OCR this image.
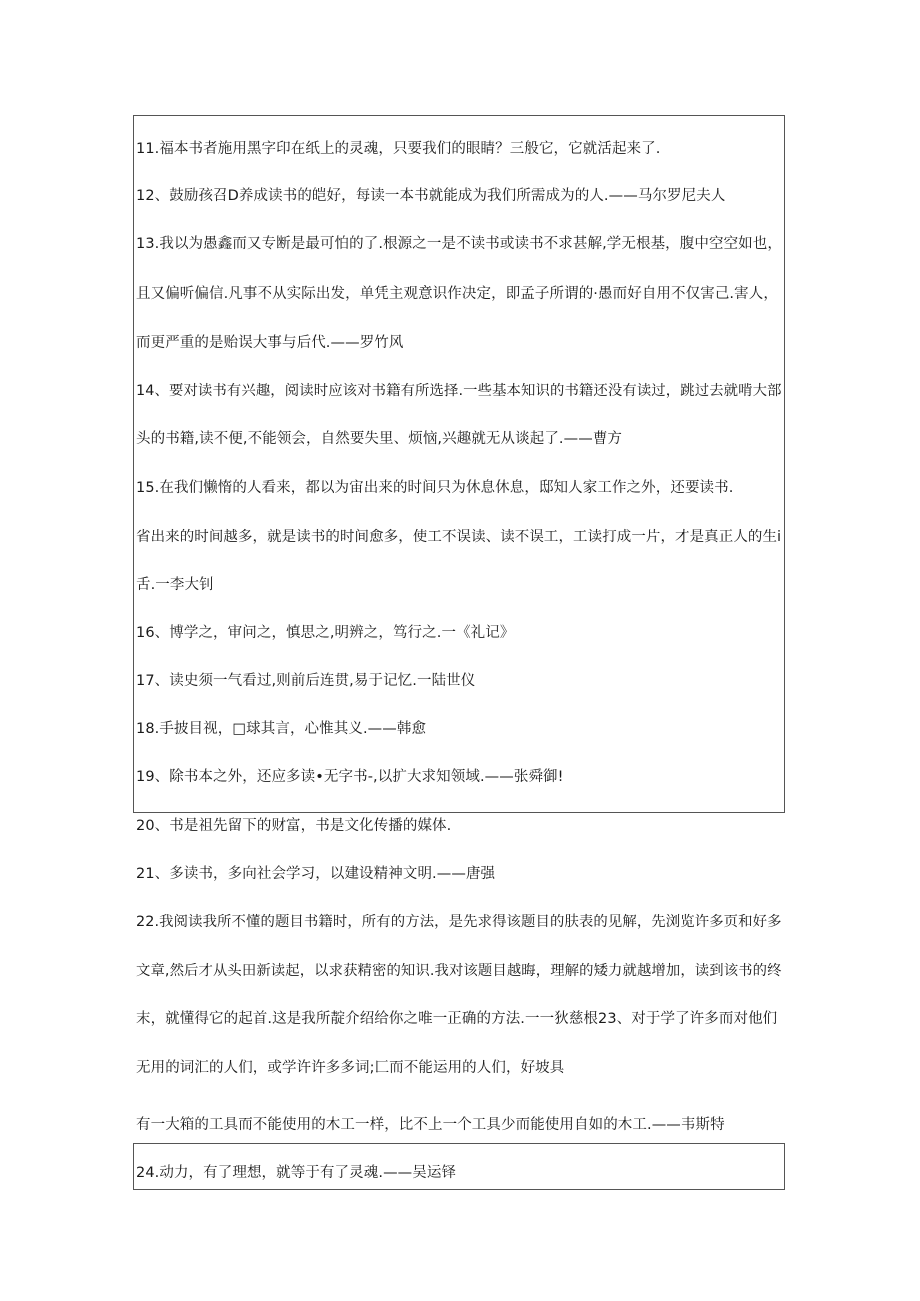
11.福本书者施用黑字印在纸上的灵魂，只要我们的眼睛？三般它，它就活起来了.
12、鼓励孩召D养成读书的皑好，每读一本书就能成为我们所需成为的人.——马尔罗尼夫人
13.我以为愚鑫而又专断是最可怕的了.根源之一是不读书或读书不求甚解,学无根基，腹中空空如也，
且又偏听偏信.凡事不从实际出发，单凭主观意识作决定，即孟子所谓的·愚而好自用不仅害己.害人，
而更严重的是贻误大事与后代.——罗竹风
14、要对读书有兴趣，阅读时应该对书籍有所选择.一些基本知识的书籍还没有读过，跳过去就啃大部
头的书籍,读不便,不能领会，自然要失里、烦恼,兴趣就无从谈起了.——曹方
15.在我们懒惰的人看来，都以为宙出来的时间只为休息休息，邸知人家工作之外，还要读书.
省出来的时间越多，就是读书的时间愈多，使工不误读、读不误工，工读打成一片，才是真正人的生i
舌.一李大钊
16、博学之，审问之，慎思之,明辨之，笃行之.一《礼记》
17、读史须一气看过,则前后连贯,易于记忆.一陆世仪
18.手披目视，□球其言，心惟其义.——韩愈
19、除书本之外，还应多读•无字书-,以扩大求知领域.——张舜御!
20、书是祖先留下的财富，书是文化传播的媒体.
21、多读书，多向社会学习，以建设精神文明.——唐强
22.我阅读我所不懂的题目书籍时，所有的方法，是先求得该题目的肤表的见解，先浏览许多页和好多
文章,然后才从头田新读起，以求获精密的知识.我对该题目越晦，理解的矮力就越增加，读到该书的终
末，就懂得它的起首.这是我所靛介绍给你之唯一正确的方法.一一狄慈根23、对于学了许多而对他们
无用的词汇的人们，或学许许多多词;匚而不能运用的人们，好坡具
有一大箱的工具而不能使用的木工一样，比不上一个工具少而能使用自如的木工.——韦斯特
24.动力，有了理想，就等于有了灵魂.——吴运铎
